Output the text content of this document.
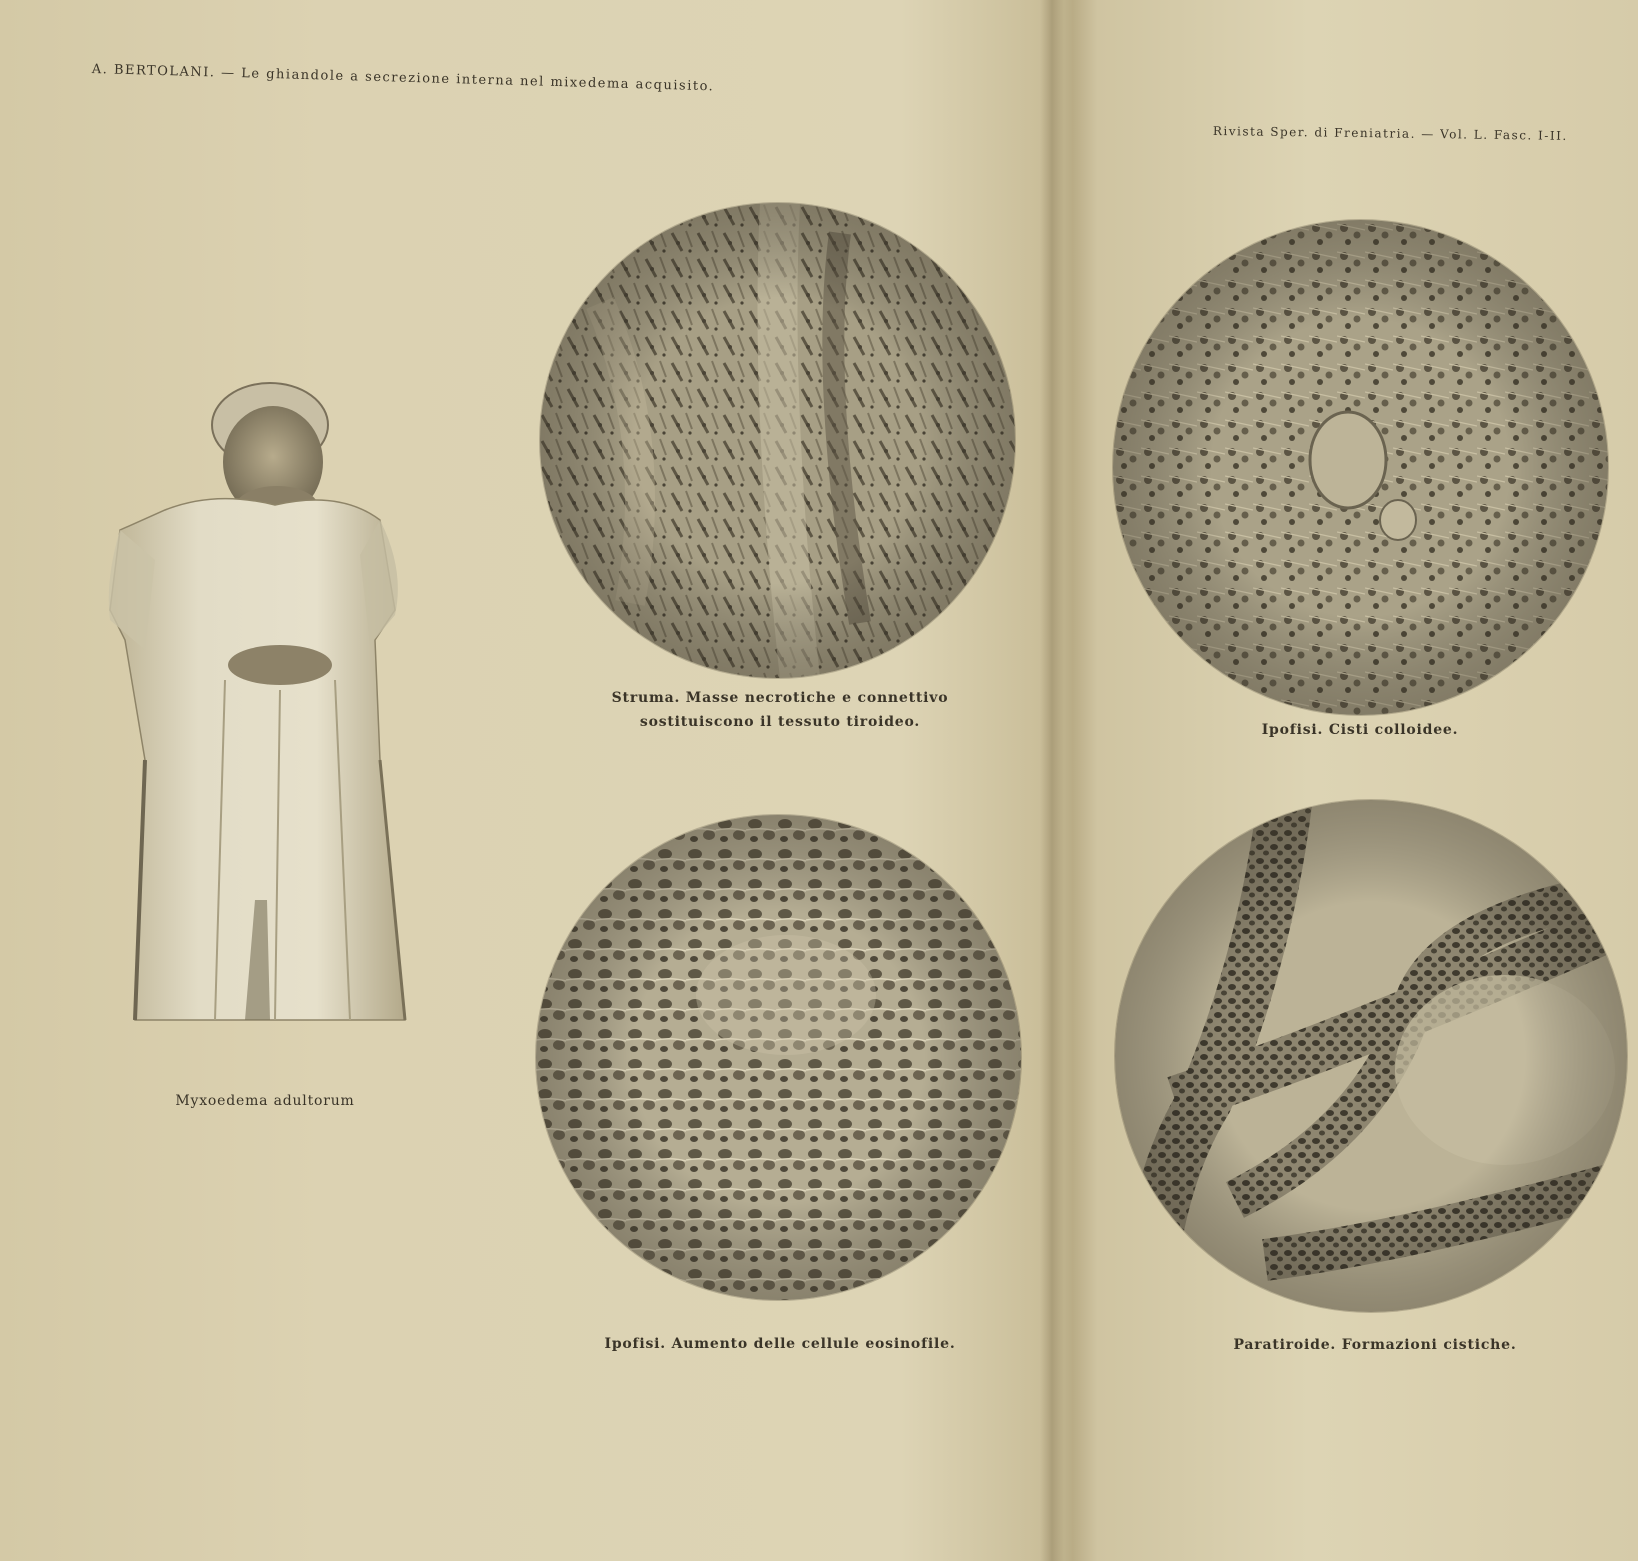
A. BERTOLANI. — Le ghiandole a secrezione interna nel mixedema acquisito.
Rivista Sper. di Freniatria. — Vol. L. Fasc. I-II.
Myxoedema adultorum
Struma. Masse necrotiche e connettivo
sostituiscono il tessuto tiroideo.
Ipofisi. Aumento delle cellule eosinofile.
Ipofisi. Cisti colloidee.
Paratiroide. Formazioni cistiche.
